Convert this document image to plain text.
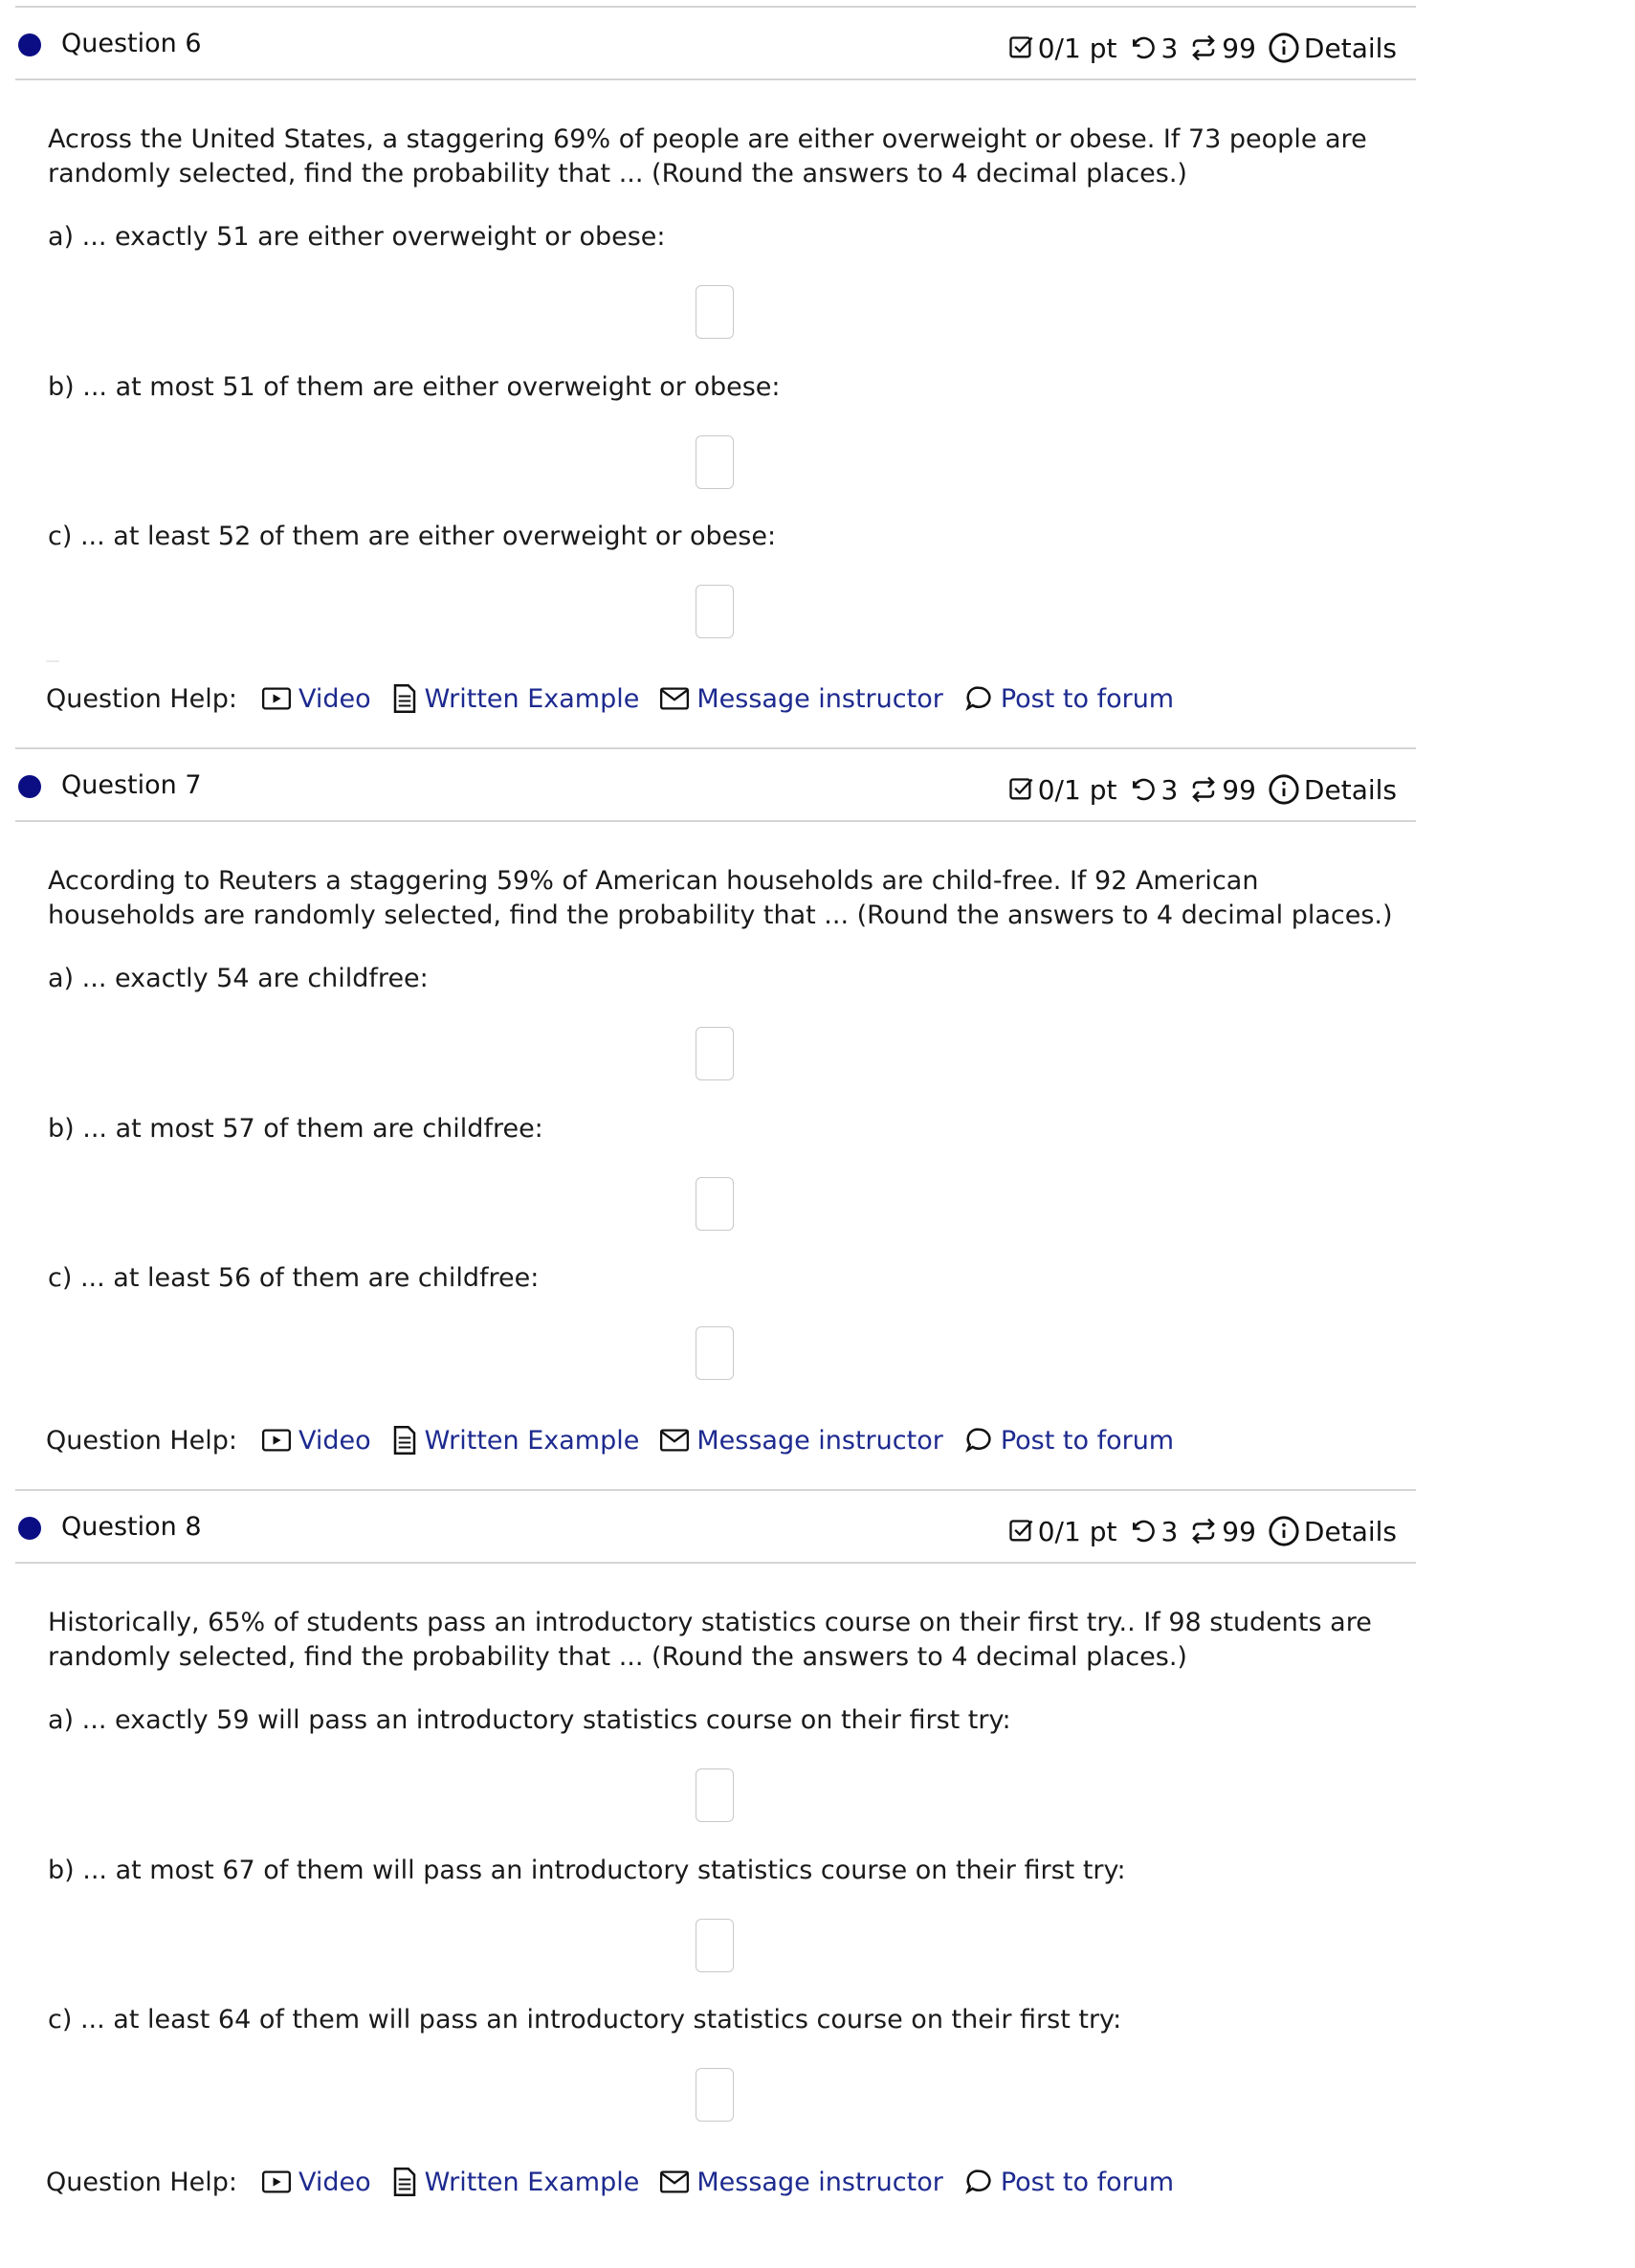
Question 6	0/1 pt 3 99 Details
Across the United States, a staggering 69% of people are either overweight or obese. If 73 people are randomly selected, find the probability that ... (Round the answers to 4 decimal places.)
a) ... exactly 51 are either overweight or obese:
b) ... at most 51 of them are either overweight or obese:
c) ... at least 52 of them are either overweight or obese:
Question Help: Video Written Example Message instructor Post to forum
Question 7	0/1 pt 3 99 Details
According to Reuters a staggering 59% of American households are child-free. If 92 American households are randomly selected, find the probability that ... (Round the answers to 4 decimal places.)
a) ... exactly 54 are childfree:
b) ... at most 57 of them are childfree:
c) ... at least 56 of them are childfree:
Question Help: Video Written Example Message instructor Post to forum
Question 8	0/1 pt 3 99 Details
Historically, 65% of students pass an introductory statistics course on their first try.. If 98 students are randomly selected, find the probability that ... (Round the answers to 4 decimal places.)
a) ... exactly 59 will pass an introductory statistics course on their first try:
b) ... at most 67 of them will pass an introductory statistics course on their first try:
c) ... at least 64 of them will pass an introductory statistics course on their first try:
Question Help: Video Written Example Message instructor Post to forum
